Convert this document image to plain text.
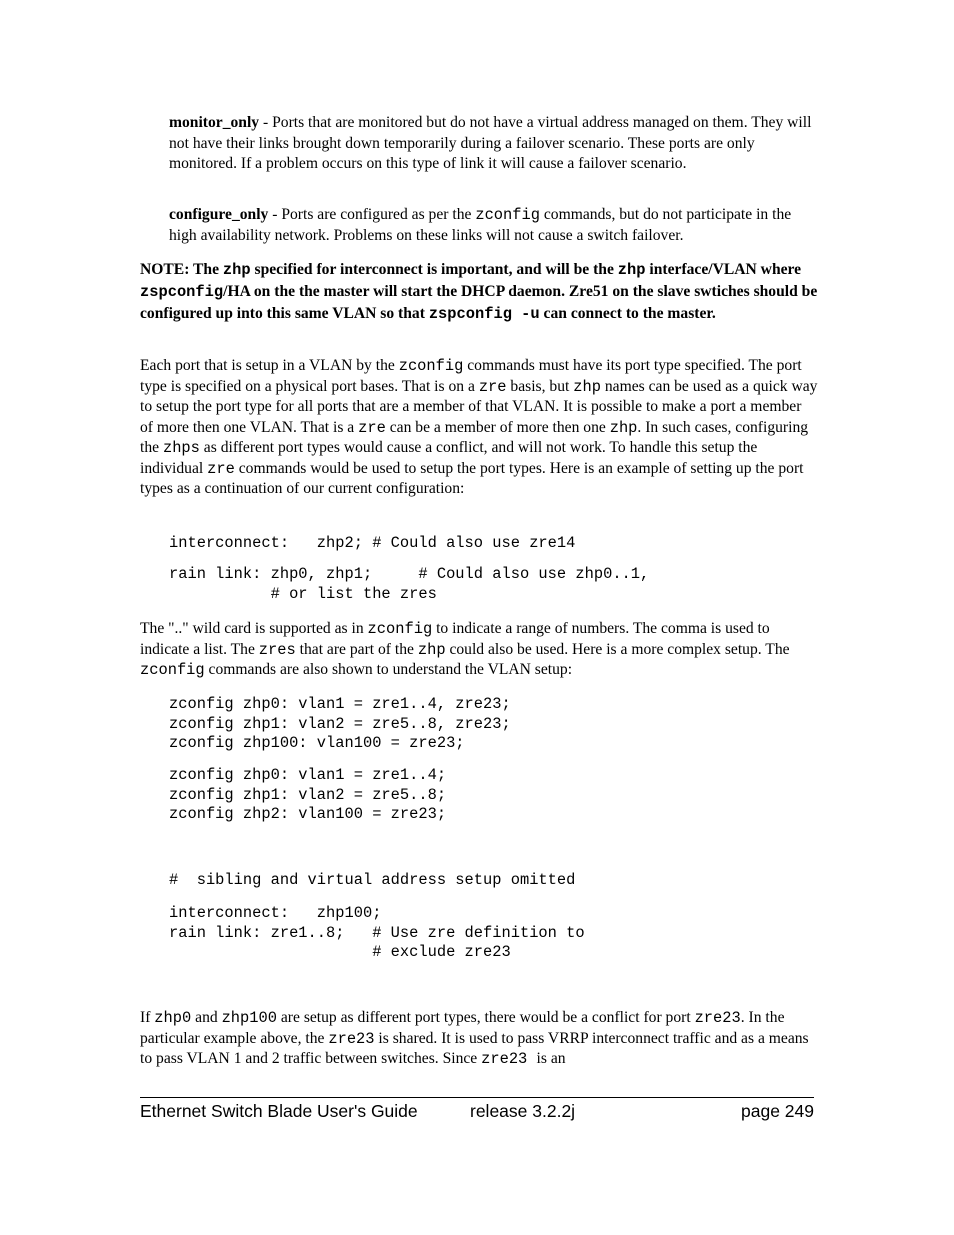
monitor_only - Ports that are monitored but do not have a virtual address managed on them. They will not have their links brought down temporarily during a failover scenario. These ports are only monitored. If a problem occurs on this type of link it will cause a failover scenario.

configure_only - Ports are configured as per the zconfig commands, but do not participate in the high availability network. Problems on these links will not cause a switch failover.

NOTE: The zhp specified for interconnect is important, and will be the zhp interface/VLAN where zspconfig/HA on the the master will start the DHCP daemon. Zre51 on the slave swtiches should be configured up into this same VLAN so that zspconfig -u can connect to the master.

Each port that is setup in a VLAN by the zconfig commands must have its port type specified. The port type is specified on a physical port bases. That is on a zre basis, but zhp names can be used as a quick way to setup the port type for all ports that are a member of that VLAN. It is possible to make a port a member of more then one VLAN. That is a zre can be a member of more then one zhp. In such cases, configuring the zhps as different port types would cause a conflict, and will not work. To handle this setup the individual zre commands would be used to setup the port types. Here is an example of setting up the port types as a continuation of our current configuration:

interconnect:   zhp2; # Could also use zre14
rain link: zhp0, zhp1;     # Could also use zhp0..1,
# or list the zres

The ".." wild card is supported as in zconfig to indicate a range of numbers. The comma is used to indicate a list. The zres that are part of the zhp could also be used. Here is a more complex setup. The zconfig commands are also shown to understand the VLAN setup:

zconfig zhp0: vlan1 = zre1..4, zre23;
zconfig zhp1: vlan2 = zre5..8, zre23;
zconfig zhp100: vlan100 = zre23;
zconfig zhp0: vlan1 = zre1..4;
zconfig zhp1: vlan2 = zre5..8;
zconfig zhp2: vlan100 = zre23;
#  sibling and virtual address setup omitted
interconnect:   zhp100;
rain link: zre1..8;   # Use zre definition to
# exclude zre23

If zhp0 and zhp100 are setup as different port types, there would be a conflict for port zre23. In the particular example above, the zre23 is shared. It is used to pass VRRP interconnect traffic and as a means to pass VLAN 1 and 2 traffic between switches. Since zre23 is an

Ethernet Switch Blade User's Guide	release 3.2.2j	page 249
